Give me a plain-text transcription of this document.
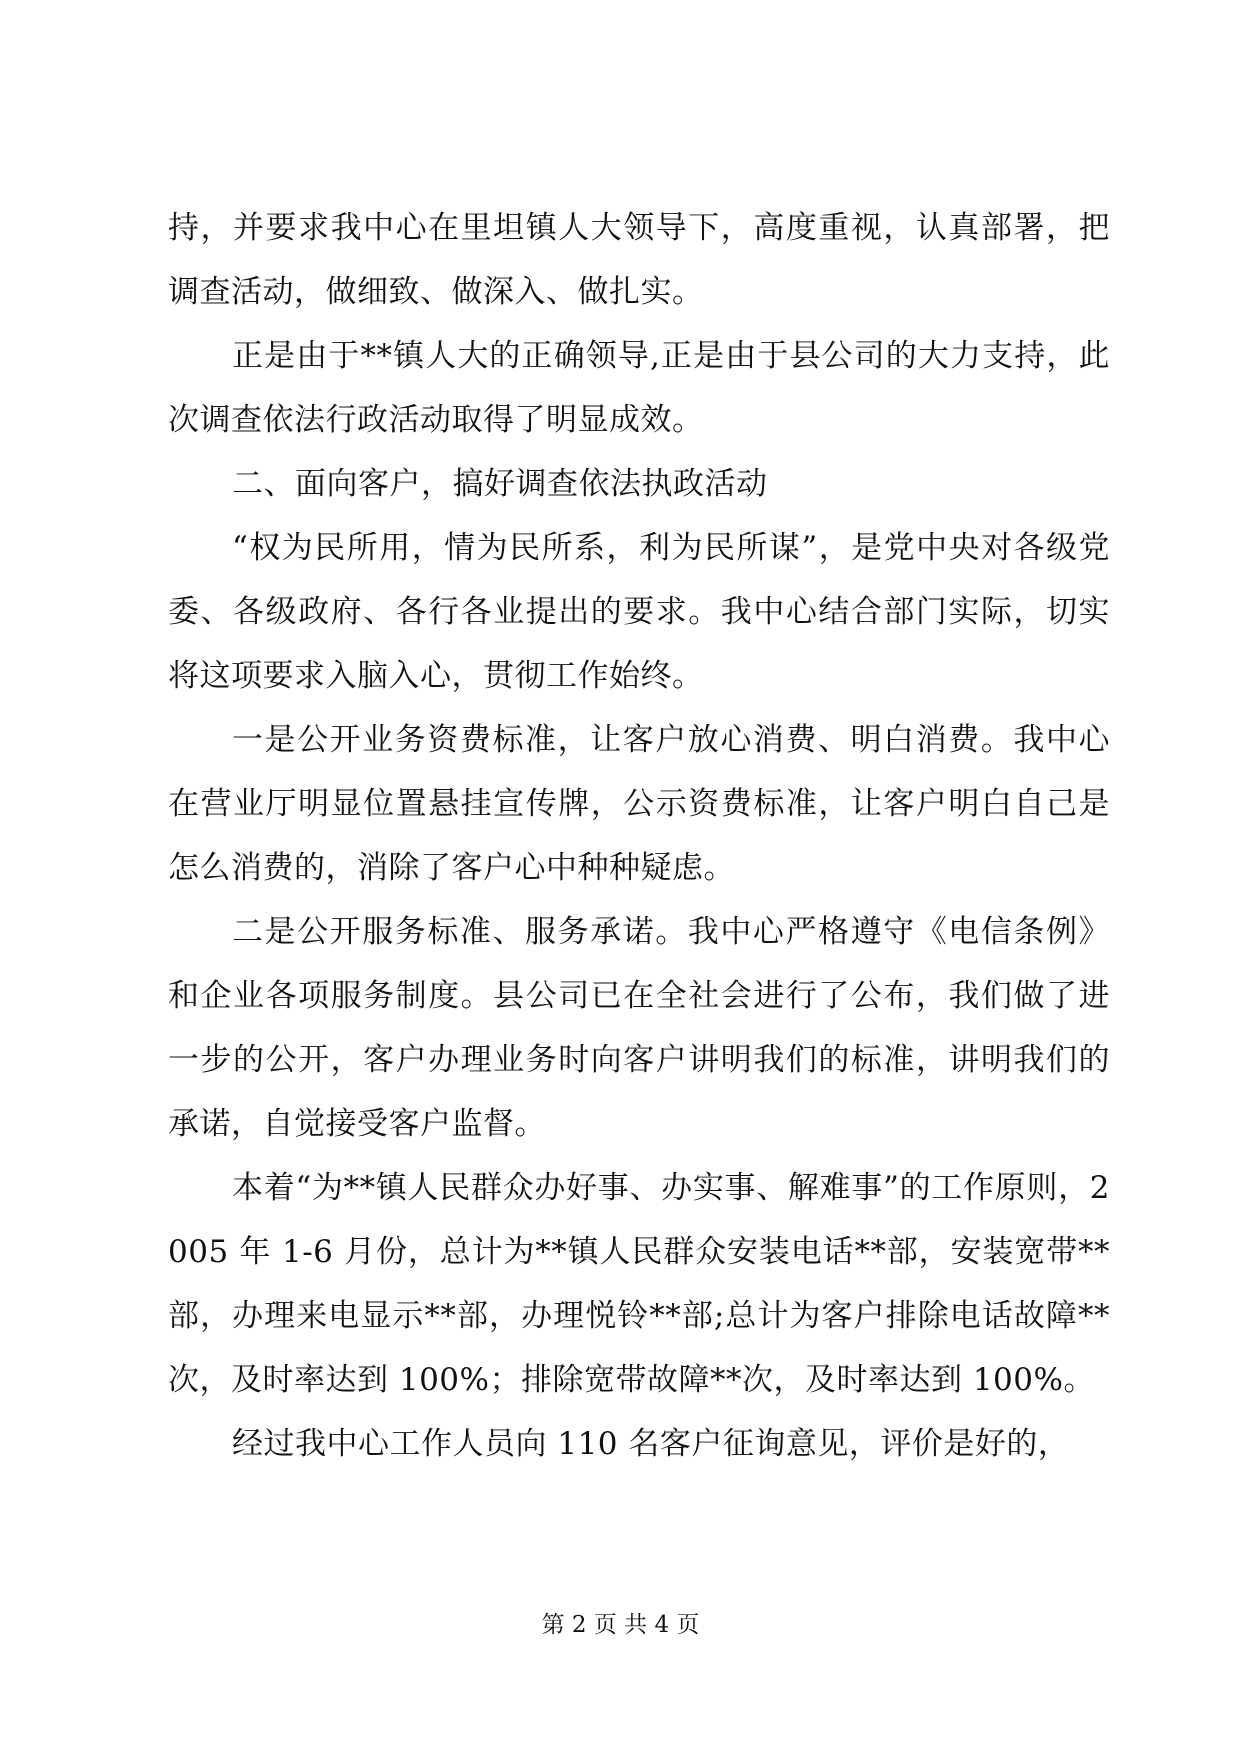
持，并要求我中心在里坦镇人大领导下，高度重视，认真部署，把调查活动，做细致、做深入、做扎实。

正是由于**镇人大的正确领导,正是由于县公司的大力支持，此次调查依法行政活动取得了明显成效。

二、面向客户，搞好调查依法执政活动

“权为民所用，情为民所系，利为民所谋”，是党中央对各级党委、各级政府、各行各业提出的要求。我中心结合部门实际，切实将这项要求入脑入心，贯彻工作始终。

一是公开业务资费标准，让客户放心消费、明白消费。我中心在营业厅明显位置悬挂宣传牌，公示资费标准，让客户明白自己是怎么消费的，消除了客户心中种种疑虑。

二是公开服务标准、服务承诺。我中心严格遵守《电信条例》和企业各项服务制度。县公司已在全社会进行了公布，我们做了进一步的公开，客户办理业务时向客户讲明我们的标准，讲明我们的承诺，自觉接受客户监督。

本着“为**镇人民群众办好事、办实事、解难事”的工作原则，2005 年 1-6 月份，总计为**镇人民群众安装电话**部，安装宽带**部，办理来电显示**部，办理悦铃**部;总计为客户排除电话故障**次，及时率达到 100%；排除宽带故障**次，及时率达到 100%。

经过我中心工作人员向 110 名客户征询意见，评价是好的，

第 2 页 共 4 页
